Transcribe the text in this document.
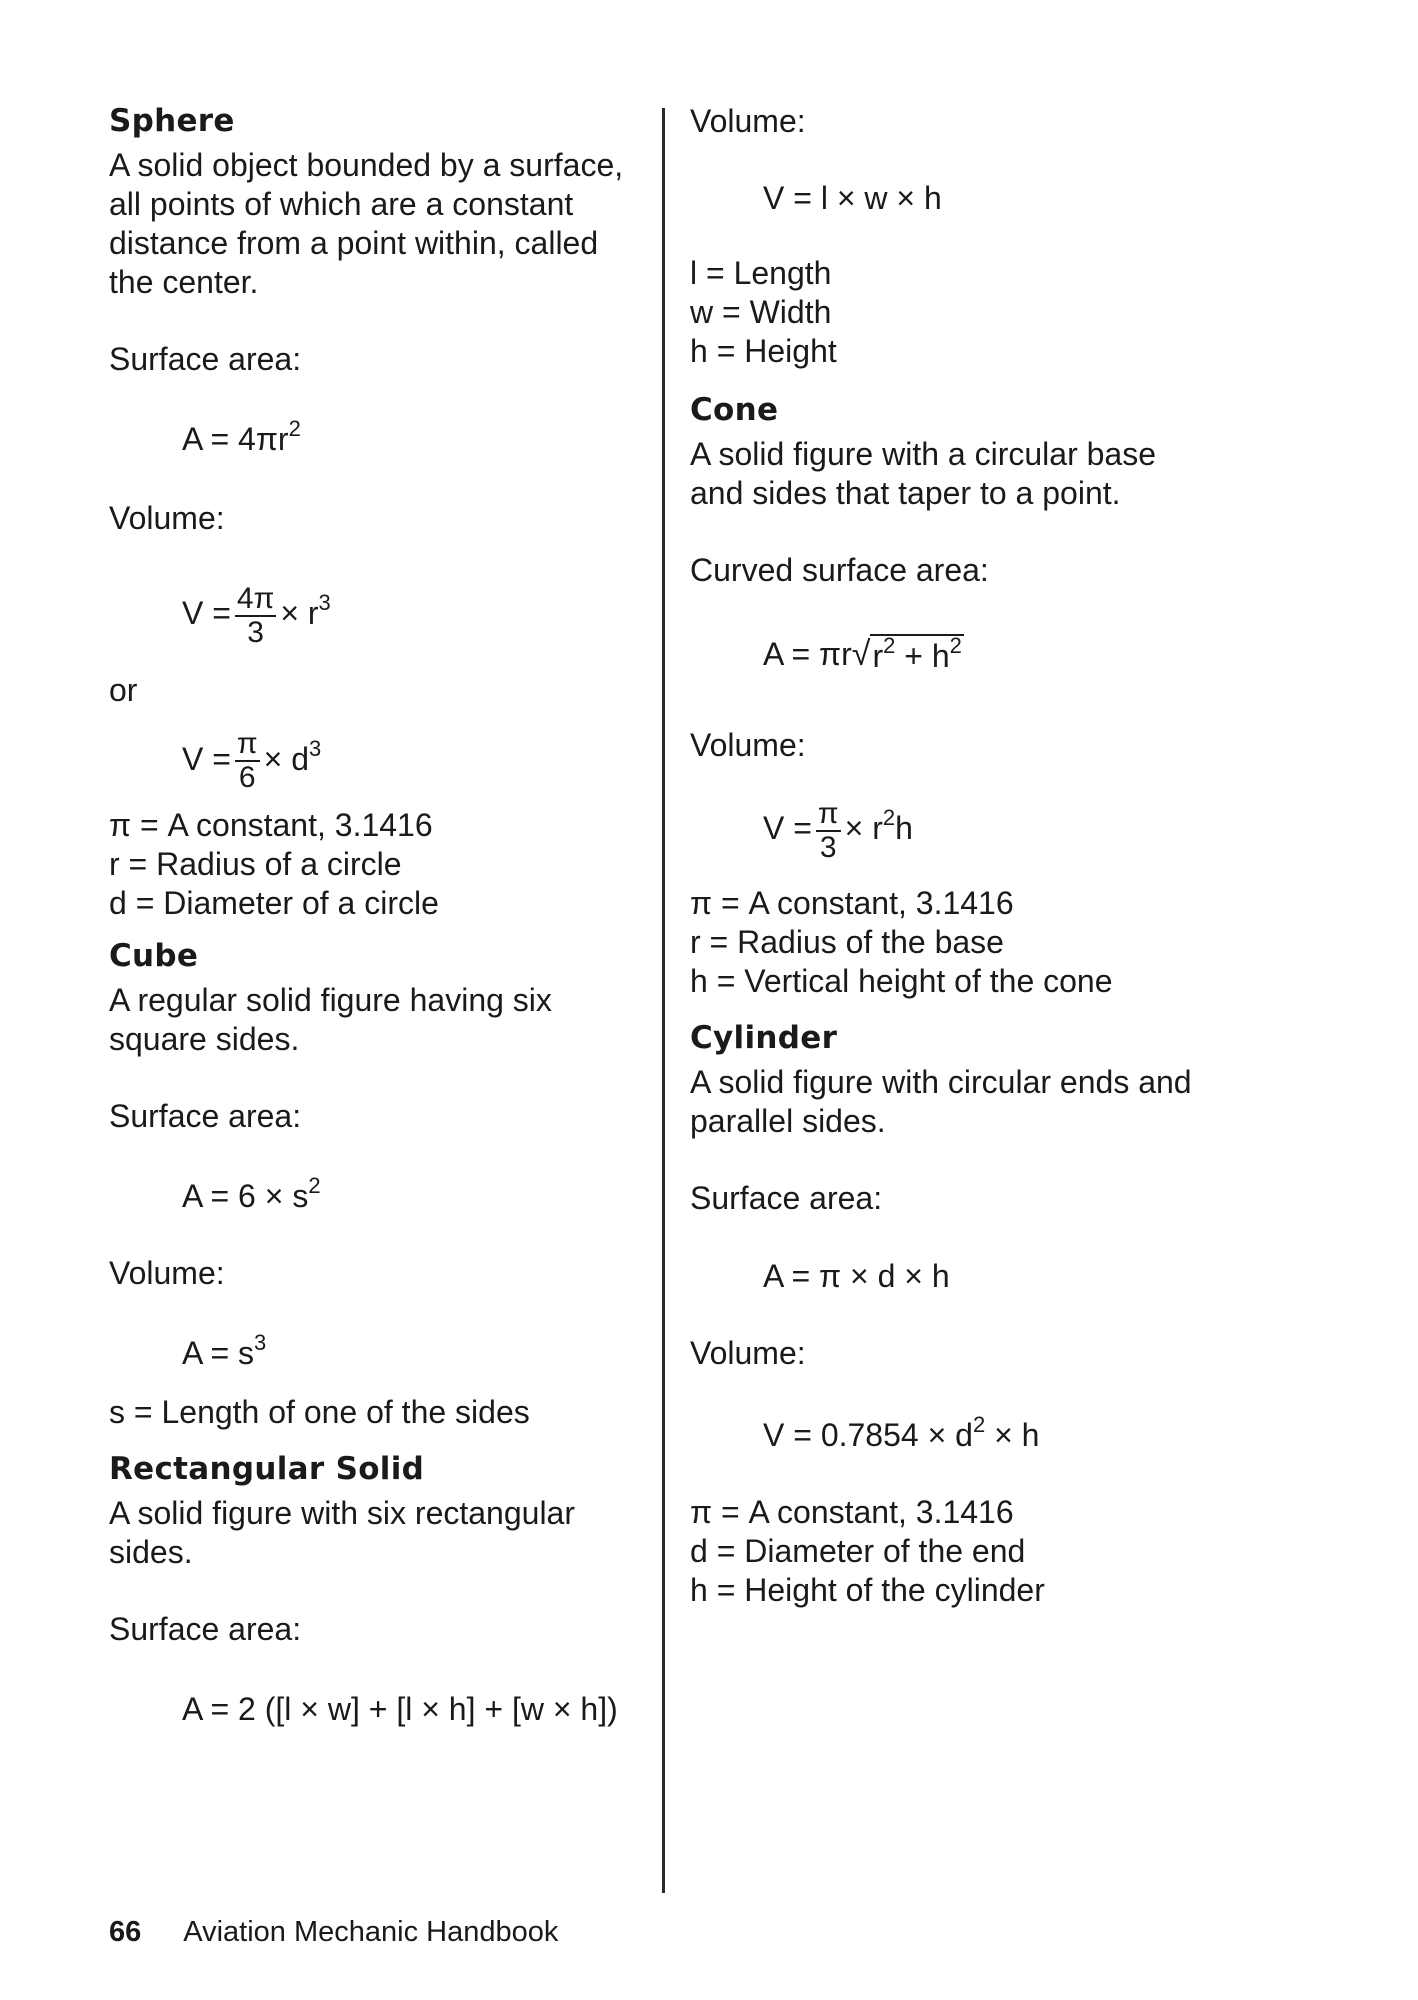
Sphere

A solid object bounded by a surface,

all points of which are a constant

distance from a point within, called

the center.

Surface area:

$A = 4\pi r^2$

Volume:

$V = \frac{4\pi}{3} \times r^3$

or

$V = \frac{\pi}{6} \times d^3$

π = A constant, 3.1416

r = Radius of a circle

d = Diameter of a circle

Cube

A regular solid figure having six

square sides.

Surface area:

$A = 6 \times s^2$

Volume:

$A = s^3$

s = Length of one of the sides

Rectangular Solid

A solid figure with six rectangular

sides.

Surface area:

A = 2 ([l × w] + [l × h] + [w × h])

Volume:

V = l × w × h

l = Length

w = Width

h = Height

Cone

A solid figure with a circular base

and sides that taper to a point.

Curved surface area:

A = πr √ $r^2 + h^2$

Volume:

$V = \frac{\pi}{3} \times r^2h$

π = A constant, 3.1416

r = Radius of the base

h = Vertical height of the cone

Cylinder

A solid figure with circular ends and

parallel sides.

Surface area:

A = π × d × h

Volume:

$V = 0.7854 \times d^2 \times h$

π = A constant, 3.1416

d = Diameter of the end

h = Height of the cylinder

66 Aviation Mechanic Handbook
